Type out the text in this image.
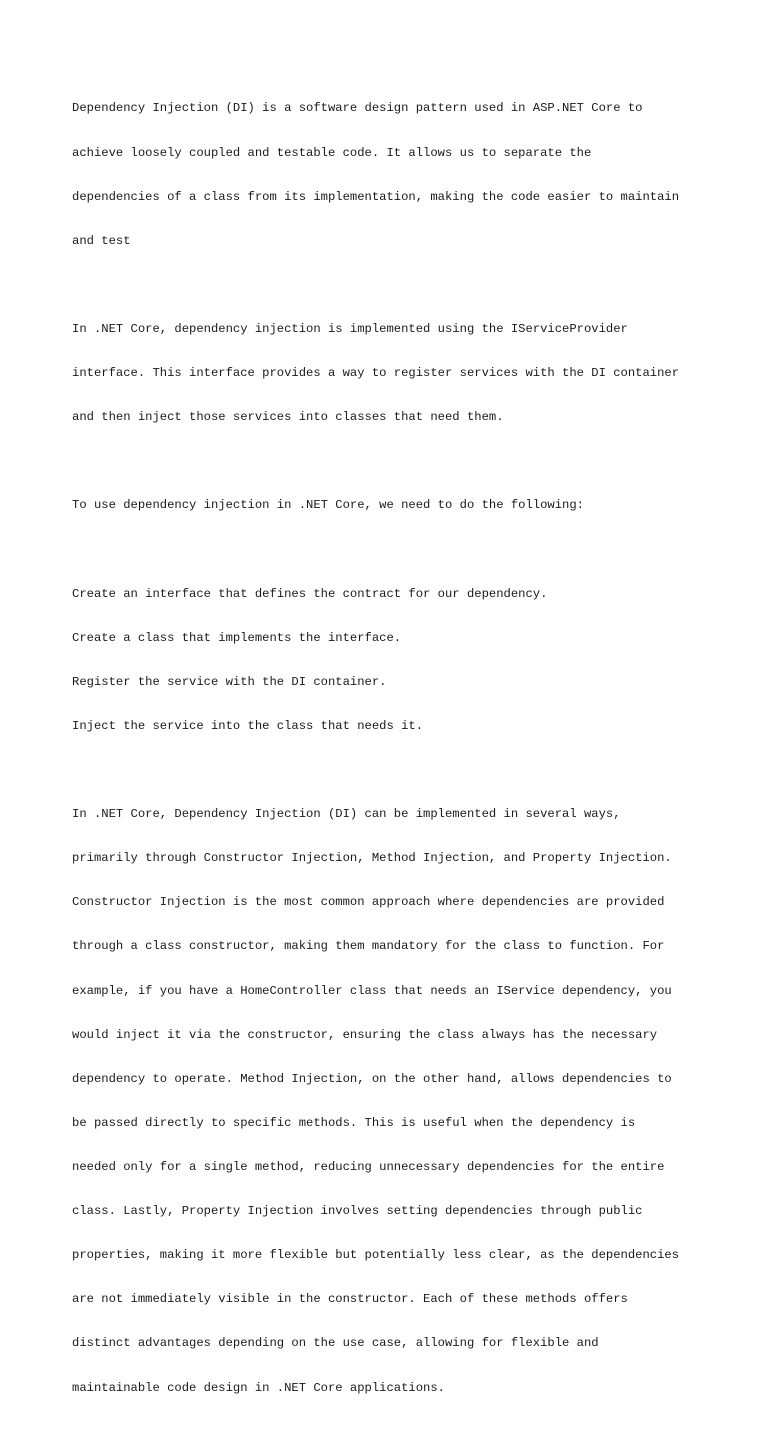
Dependency Injection (DI) is a software design pattern used in ASP.NET Core to

achieve loosely coupled and testable code. It allows us to separate the

dependencies of a class from its implementation, making the code easier to maintain

and test

In .NET Core, dependency injection is implemented using the IServiceProvider

interface. This interface provides a way to register services with the DI container

and then inject those services into classes that need them.

To use dependency injection in .NET Core, we need to do the following:

Create an interface that defines the contract for our dependency.

Create a class that implements the interface.

Register the service with the DI container.

Inject the service into the class that needs it.

In .NET Core, Dependency Injection (DI) can be implemented in several ways,

primarily through Constructor Injection, Method Injection, and Property Injection.

Constructor Injection is the most common approach where dependencies are provided

through a class constructor, making them mandatory for the class to function. For

example, if you have a HomeController class that needs an IService dependency, you

would inject it via the constructor, ensuring the class always has the necessary

dependency to operate. Method Injection, on the other hand, allows dependencies to

be passed directly to specific methods. This is useful when the dependency is

needed only for a single method, reducing unnecessary dependencies for the entire

class. Lastly, Property Injection involves setting dependencies through public

properties, making it more flexible but potentially less clear, as the dependencies

are not immediately visible in the constructor. Each of these methods offers

distinct advantages depending on the use case, allowing for flexible and

maintainable code design in .NET Core applications.
